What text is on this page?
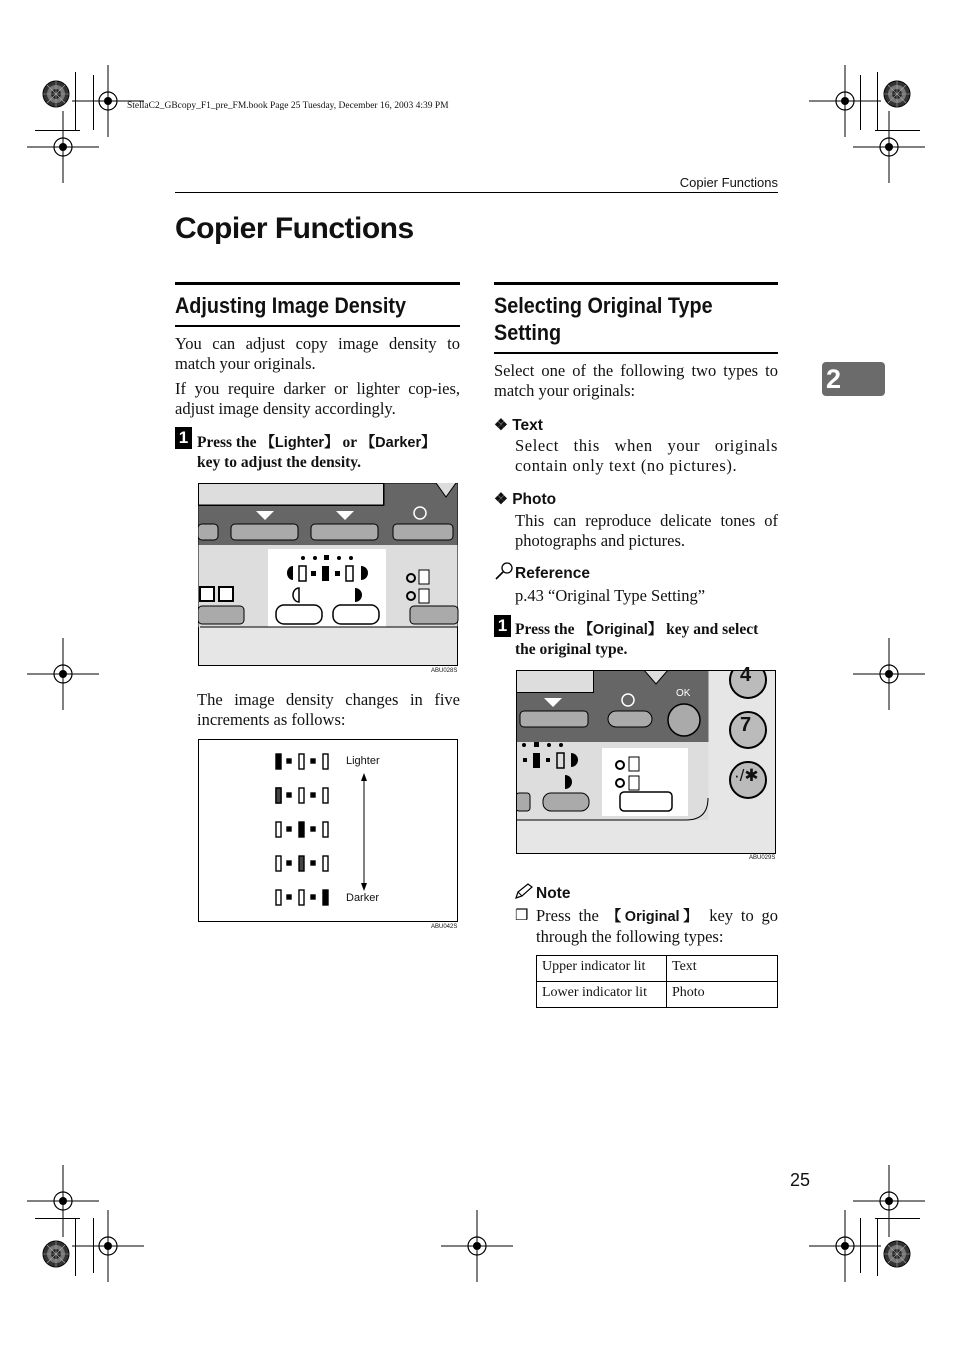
StellaC2_GBcopy_F1_pre_FM.book Page 25 Tuesday, December 16, 2003 4:39 PM
Copier Functions
Copier Functions
2
Adjusting Image Density
You can adjust copy image density to match your originals.
If you require darker or lighter cop-ies, adjust image density accordingly.
1 Press the 【Lighter】 or 【Darker】 key to adjust the density.
ABU028S
The image density changes in five increments as follows:
Lighter
Darker
ABU042S
Selecting Original Type
Setting
Select one of the following two types to match your originals:
❖ Text
Select this when your originals contain only text (no pictures).
❖ Photo
This can reproduce delicate tones of photographs and pictures.
Reference
p.43 “Original Type Setting”
1 Press the 【Original】 key and select the original type.
OK
4
7
·/✱
ABU029S
Note
❒ Press the 【Original】 key to go through the following types:
Upper indicator lit	Text
Lower indicator lit	Photo
25
